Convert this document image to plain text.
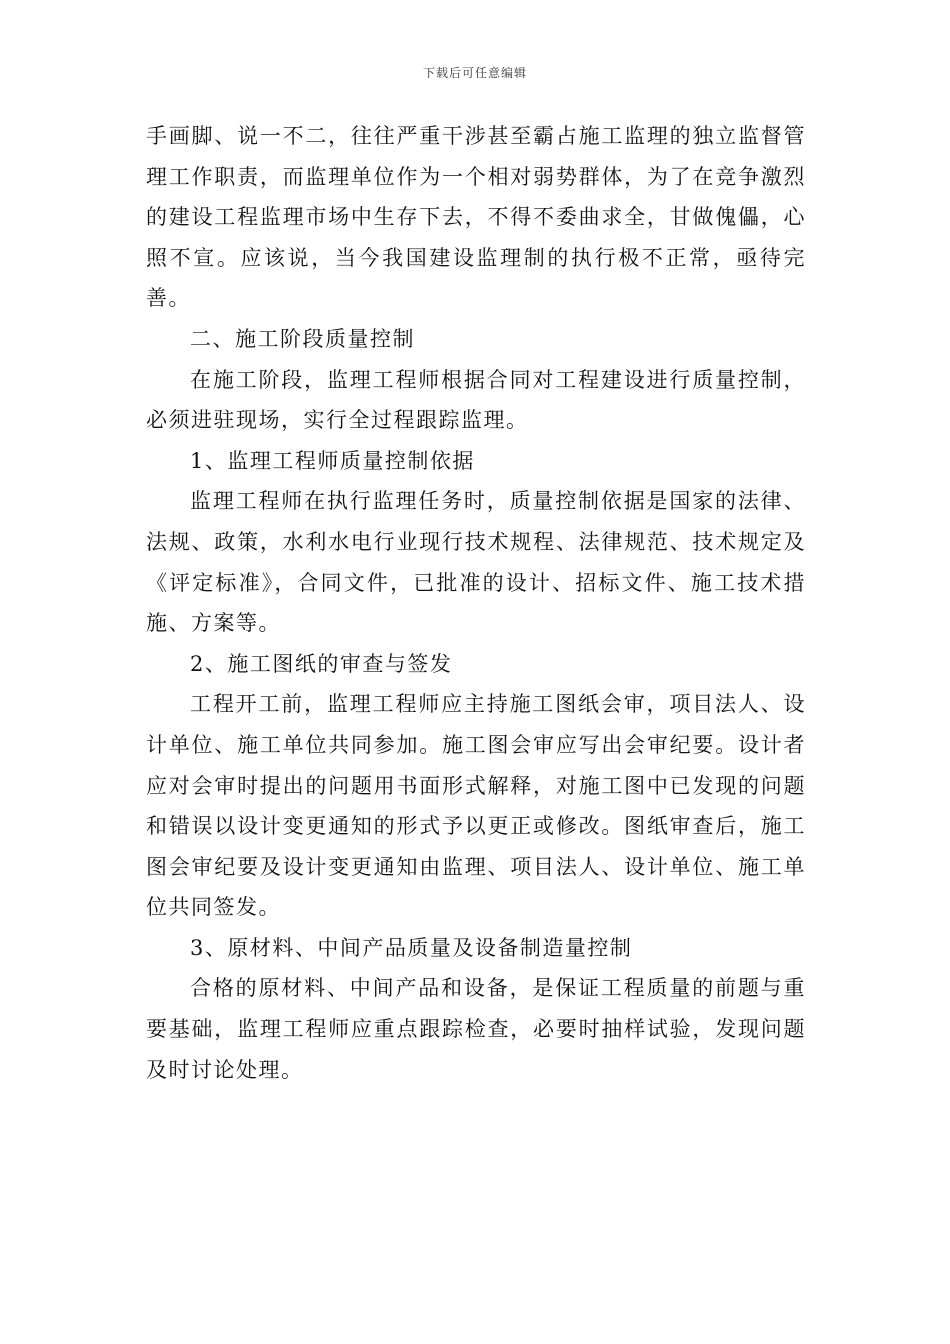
下载后可任意编辑

手画脚、说一不二，往往严重干涉甚至霸占施工监理的独立监督管理工作职责，而监理单位作为一个相对弱势群体，为了在竞争激烈的建设工程监理市场中生存下去，不得不委曲求全，甘做傀儡，心照不宣。应该说，当今我国建设监理制的执行极不正常，亟待完善。

二、施工阶段质量控制

在施工阶段，监理工程师根据合同对工程建设进行质量控制，必须进驻现场，实行全过程跟踪监理。

1、监理工程师质量控制依据

监理工程师在执行监理任务时，质量控制依据是国家的法律、法规、政策，水利水电行业现行技术规程、法律规范、技术规定及《评定标准》，合同文件，已批准的设计、招标文件、施工技术措施、方案等。

2、施工图纸的审查与签发

工程开工前，监理工程师应主持施工图纸会审，项目法人、设计单位、施工单位共同参加。施工图会审应写出会审纪要。设计者应对会审时提出的问题用书面形式解释，对施工图中已发现的问题和错误以设计变更通知的形式予以更正或修改。图纸审查后，施工图会审纪要及设计变更通知由监理、项目法人、设计单位、施工单位共同签发。

3、原材料、中间产品质量及设备制造量控制

合格的原材料、中间产品和设备，是保证工程质量的前题与重要基础，监理工程师应重点跟踪检查，必要时抽样试验，发现问题及时讨论处理。
